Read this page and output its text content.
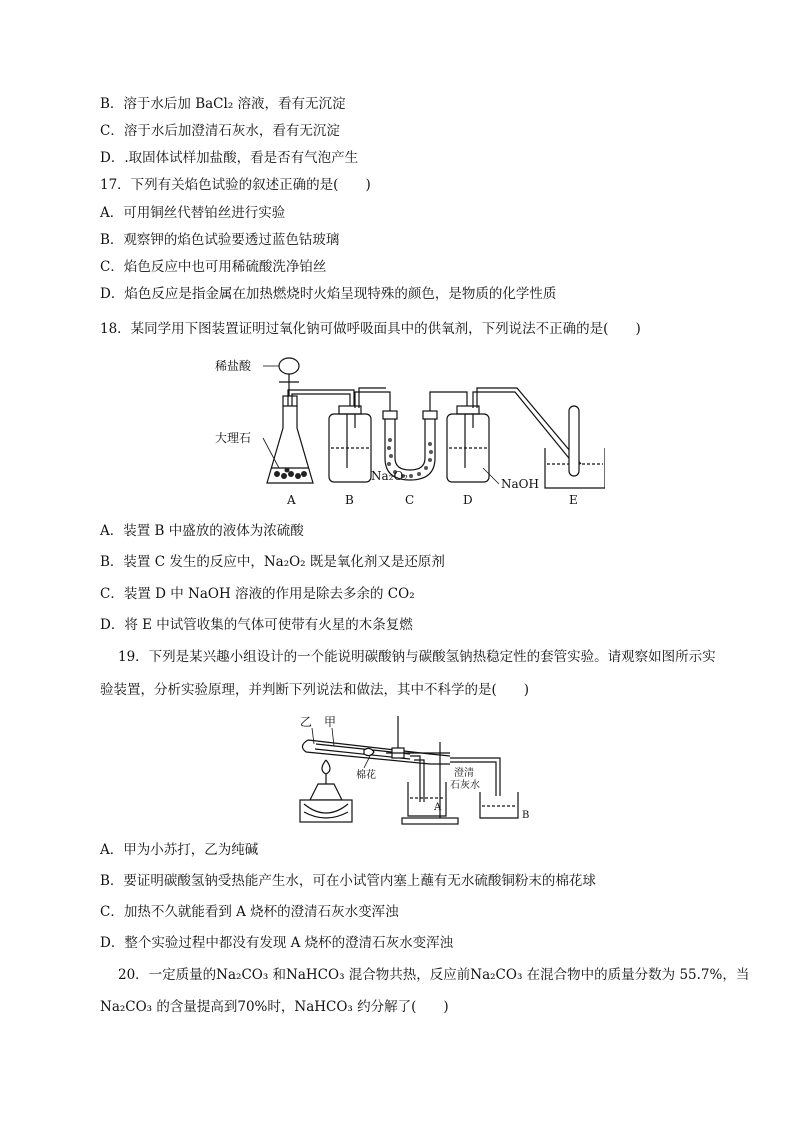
B．溶于水后加 BaCl₂ 溶液，看有无沉淀
C．溶于水后加澄清石灰水，看有无沉淀
D．.取固体试样加盐酸，看是否有气泡产生
17．下列有关焰色试验的叙述正确的是(　　)
A．可用铜丝代替铂丝进行实验
B．观察钾的焰色试验要透过蓝色钴玻璃
C．焰色反应中也可用稀硫酸洗净铂丝
D．焰色反应是指金属在加热燃烧时火焰呈现特殊的颜色，是物质的化学性质
18．某同学用下图装置证明过氧化钠可做呼吸面具中的供氧剂，下列说法不正确的是(　　)
稀盐酸
大理石
Na₂O₂
NaOH
A	B	C	D	E
A．装置 B 中盛放的液体为浓硫酸
B．装置 C 发生的反应中，Na₂O₂ 既是氧化剂又是还原剂
C．装置 D 中 NaOH 溶液的作用是除去多余的 CO₂
D．将 E 中试管收集的气体可使带有火星的木条复燃
19．下列是某兴趣小组设计的一个能说明碳酸钠与碳酸氢钠热稳定性的套管实验。请观察如图所示实
验装置，分析实验原理，并判断下列说法和做法，其中不科学的是(　　)
乙 甲
棉花	澄清
石灰水
A
B
A．甲为小苏打，乙为纯碱
B．要证明碳酸氢钠受热能产生水，可在小试管内塞上蘸有无水硫酸铜粉末的棉花球
C．加热不久就能看到 A 烧杯的澄清石灰水变浑浊
D．整个实验过程中都没有发现 A 烧杯的澄清石灰水变浑浊
20．一定质量的Na₂CO₃ 和NaHCO₃ 混合物共热，反应前Na₂CO₃ 在混合物中的质量分数为 55.7%，当
Na₂CO₃ 的含量提高到70%时，NaHCO₃ 约分解了(　　)
